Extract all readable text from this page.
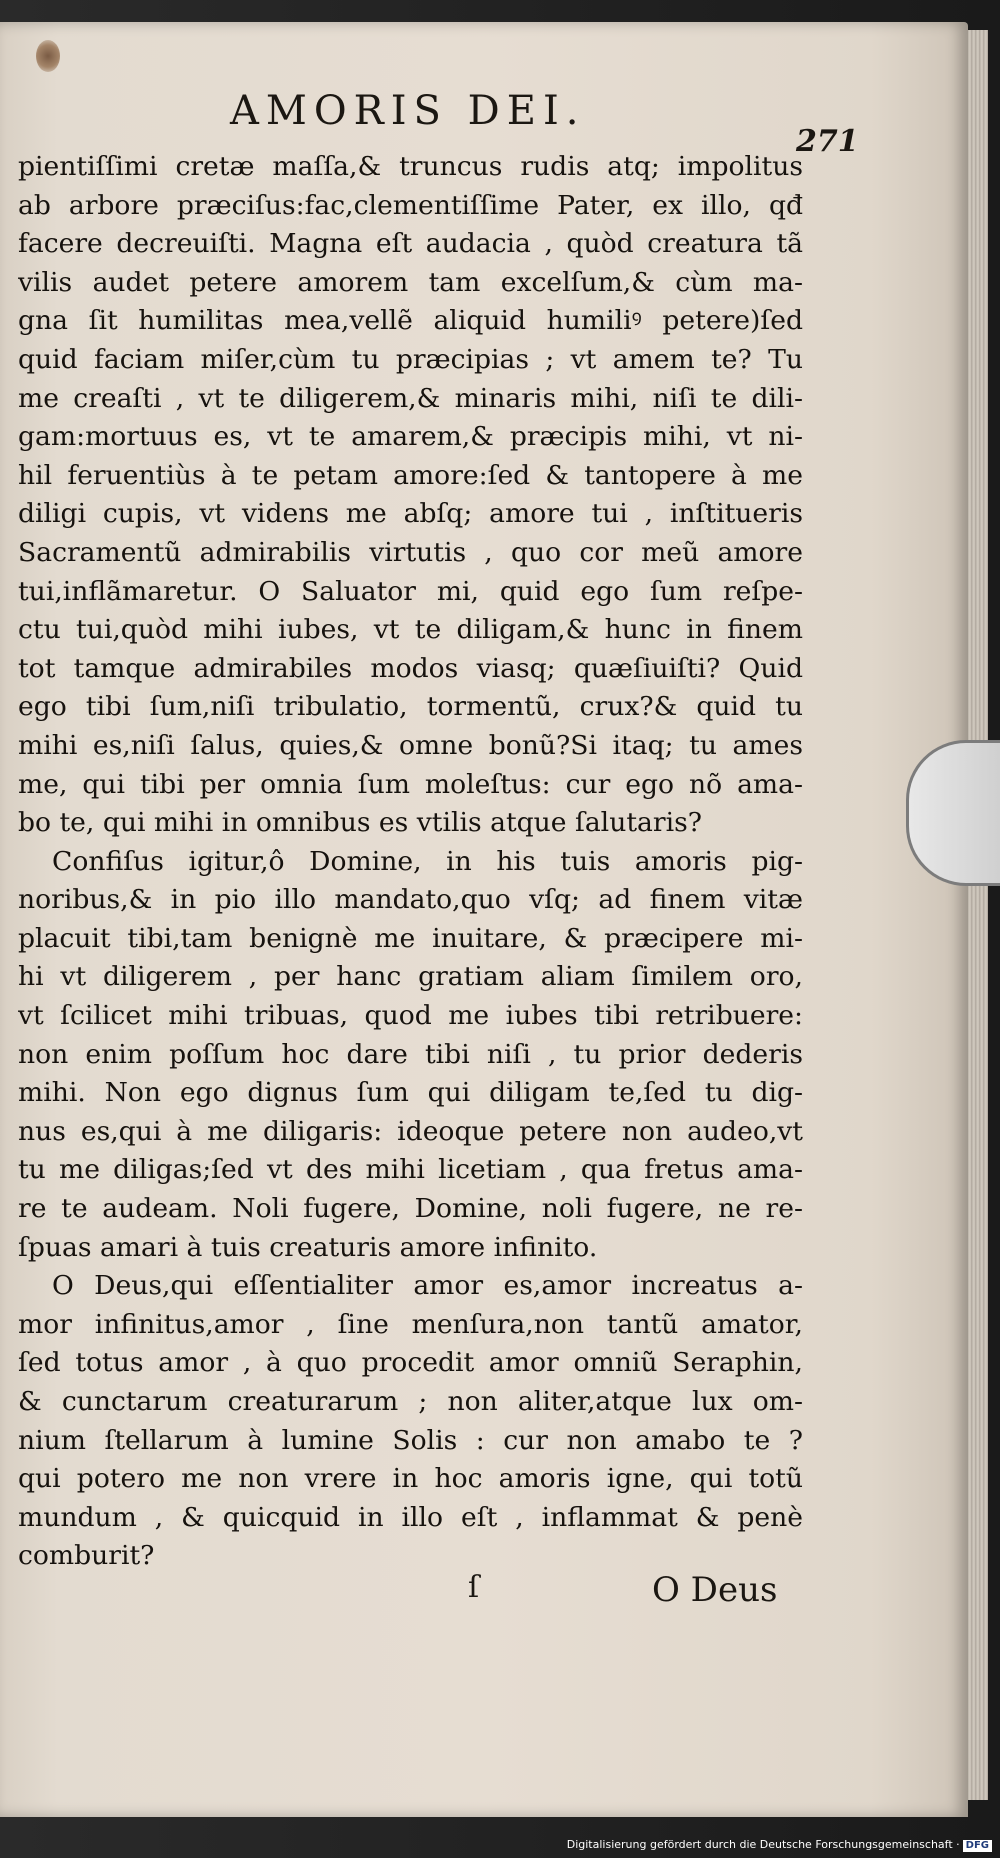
AMORIS DEI.
271
pientiſſimi cretæ maſſa,& truncus rudis atq; impolitus
ab arbore præciſus:fac,clementiſſime Pater, ex illo, qđ
facere decreuiſti. Magna eſt audacia , quòd creatura tã
vilis audet petere amorem tam excelſum,& cùm ma-
gna ſit humilitas mea,vellẽ aliquid humiliꝰ petere)ſed
quid faciam miſer,cùm tu præcipias ; vt amem te? Tu
me creaſti , vt te diligerem,& minaris mihi, niſi te dili-
gam:mortuus es, vt te amarem,& præcipis mihi, vt ni-
hil feruentiùs à te petam amore:ſed & tantopere à me
diligi cupis, vt videns me abſq; amore tui , inſtitueris
Sacramentũ admirabilis virtutis , quo cor meũ amore
tui,inflãmaretur. O Saluator mi, quid ego ſum reſpe-
ctu tui,quòd mihi iubes, vt te diligam,& hunc in finem
tot tamque admirabiles modos viasq; quæſiuiſti? Quid
ego tibi ſum,niſi tribulatio, tormentũ, crux?& quid tu
mihi es,niſi ſalus, quies,& omne bonũ?Si itaq; tu ames
me, qui tibi per omnia ſum moleſtus: cur ego nõ ama-
bo te, qui mihi in omnibus es vtilis atque ſalutaris?
Confiſus igitur,ô Domine, in his tuis amoris pig-
noribus,& in pio illo mandato,quo vſq; ad finem vitæ
placuit tibi,tam benignè me inuitare, & præcipere mi-
hi vt diligerem , per hanc gratiam aliam ſimilem oro,
vt ſcilicet mihi tribuas, quod me iubes tibi retribuere:
non enim poſſum hoc dare tibi niſi , tu prior dederis
mihi. Non ego dignus ſum qui diligam te,ſed tu dig-
nus es,qui à me diligaris: ideoque petere non audeo,vt
tu me diligas;ſed vt des mihi licetiam , qua fretus ama-
re te audeam. Noli fugere, Domine, noli fugere, ne re-
ſpuas amari à tuis creaturis amore infinito.
O Deus,qui eſſentialiter amor es,amor increatus a-
mor infinitus,amor , ſine menſura,non tantũ amator,
ſed totus amor , à quo procedit amor omniũ Seraphin,
& cunctarum creaturarum ; non aliter,atque lux om-
nium ſtellarum à lumine Solis : cur non amabo te ?
qui potero me non vrere in hoc amoris igne, qui totũ
mundum , & quicquid in illo eſt , inflammat & penè
comburit?
ſ	O Deus
Digitalisierung gefördert durch die Deutsche Forschungsgemeinschaft · DFG
